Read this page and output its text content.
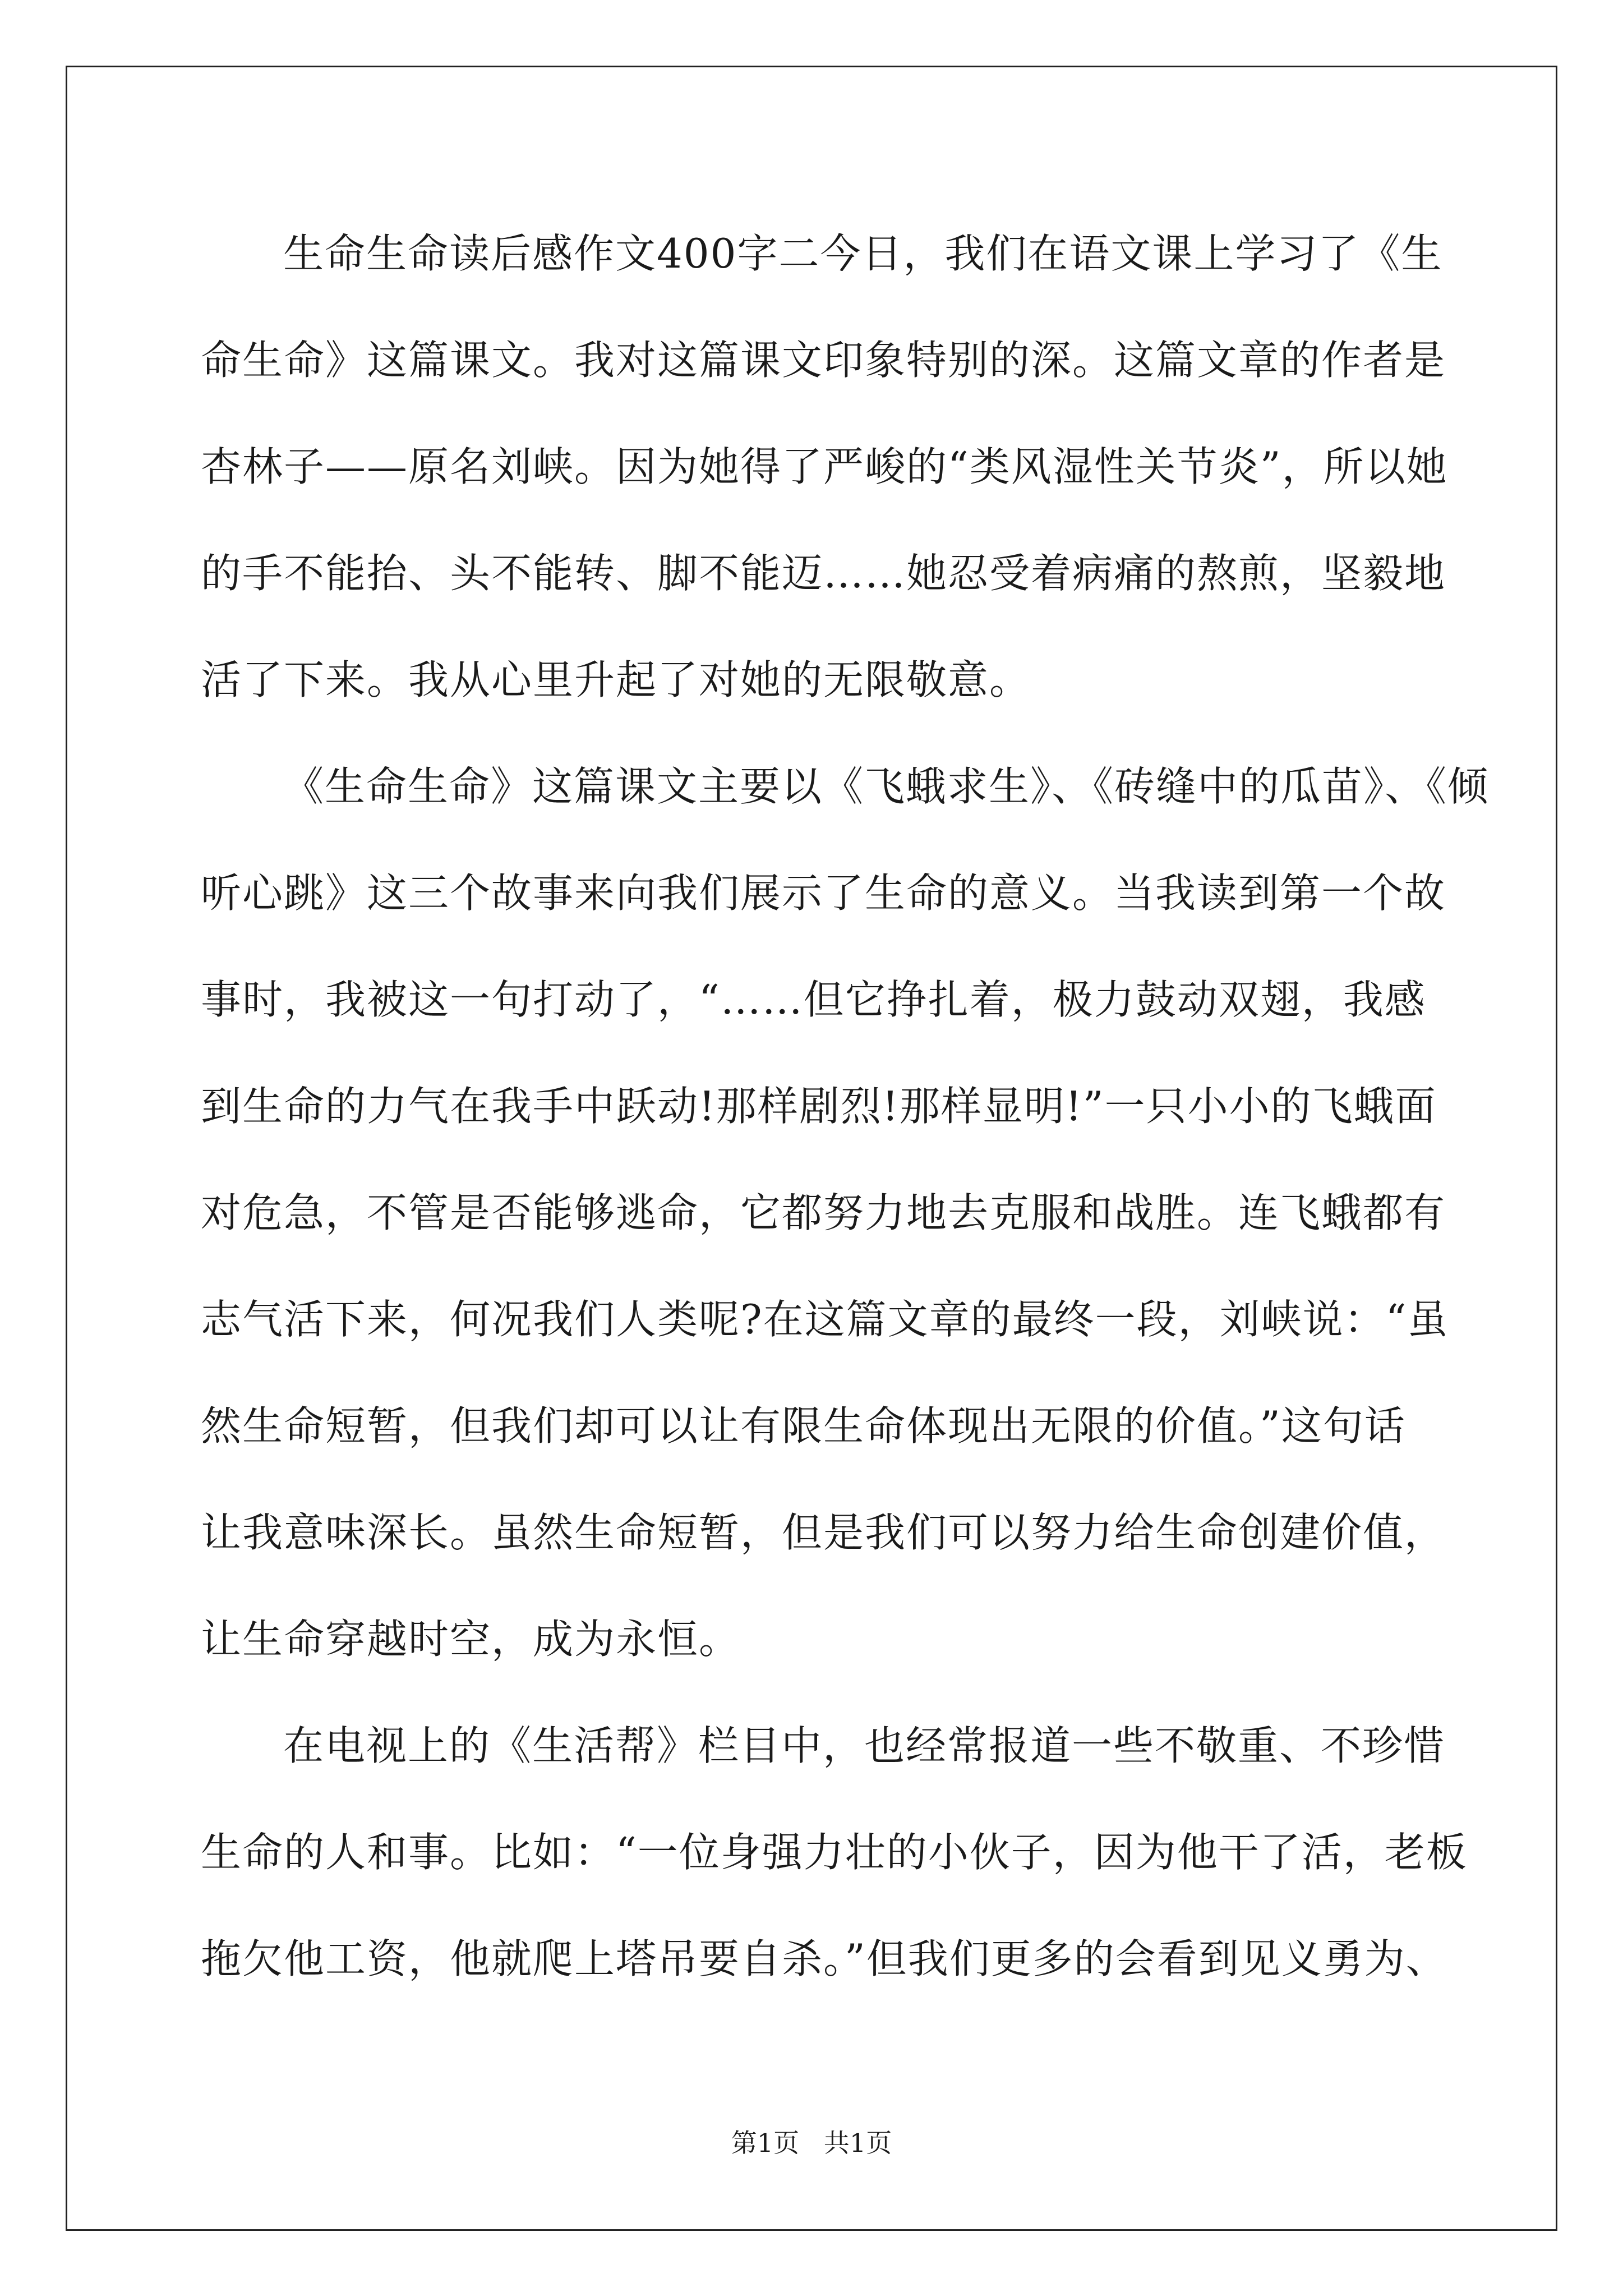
生命生命读后感作文400字二今日，我们在语文课上学习了《生
命生命》这篇课文。我对这篇课文印象特别的深。这篇文章的作者是
杏林子——原名刘峡。因为她得了严峻的“类风湿性关节炎”，所以她
的手不能抬、头不能转、脚不能迈……她忍受着病痛的熬煎，坚毅地
活了下来。我从心里升起了对她的无限敬意。
《生命生命》这篇课文主要以《飞蛾求生》、《砖缝中的瓜苗》、《倾
听心跳》这三个故事来向我们展示了生命的意义。当我读到第一个故
事时，我被这一句打动了，“……但它挣扎着，极力鼓动双翅，我感
到生命的力气在我手中跃动!那样剧烈!那样显明!”一只小小的飞蛾面
对危急，不管是否能够逃命，它都努力地去克服和战胜。连飞蛾都有
志气活下来，何况我们人类呢?在这篇文章的最终一段，刘峡说：“虽
然生命短暂，但我们却可以让有限生命体现出无限的价值。”这句话
让我意味深长。虽然生命短暂，但是我们可以努力给生命创建价值，
让生命穿越时空，成为永恒。
在电视上的《生活帮》栏目中，也经常报道一些不敬重、不珍惜
生命的人和事。比如：“一位身强力壮的小伙子，因为他干了活，老板
拖欠他工资，他就爬上塔吊要自杀。”但我们更多的会看到见义勇为、
第1页   共1页
